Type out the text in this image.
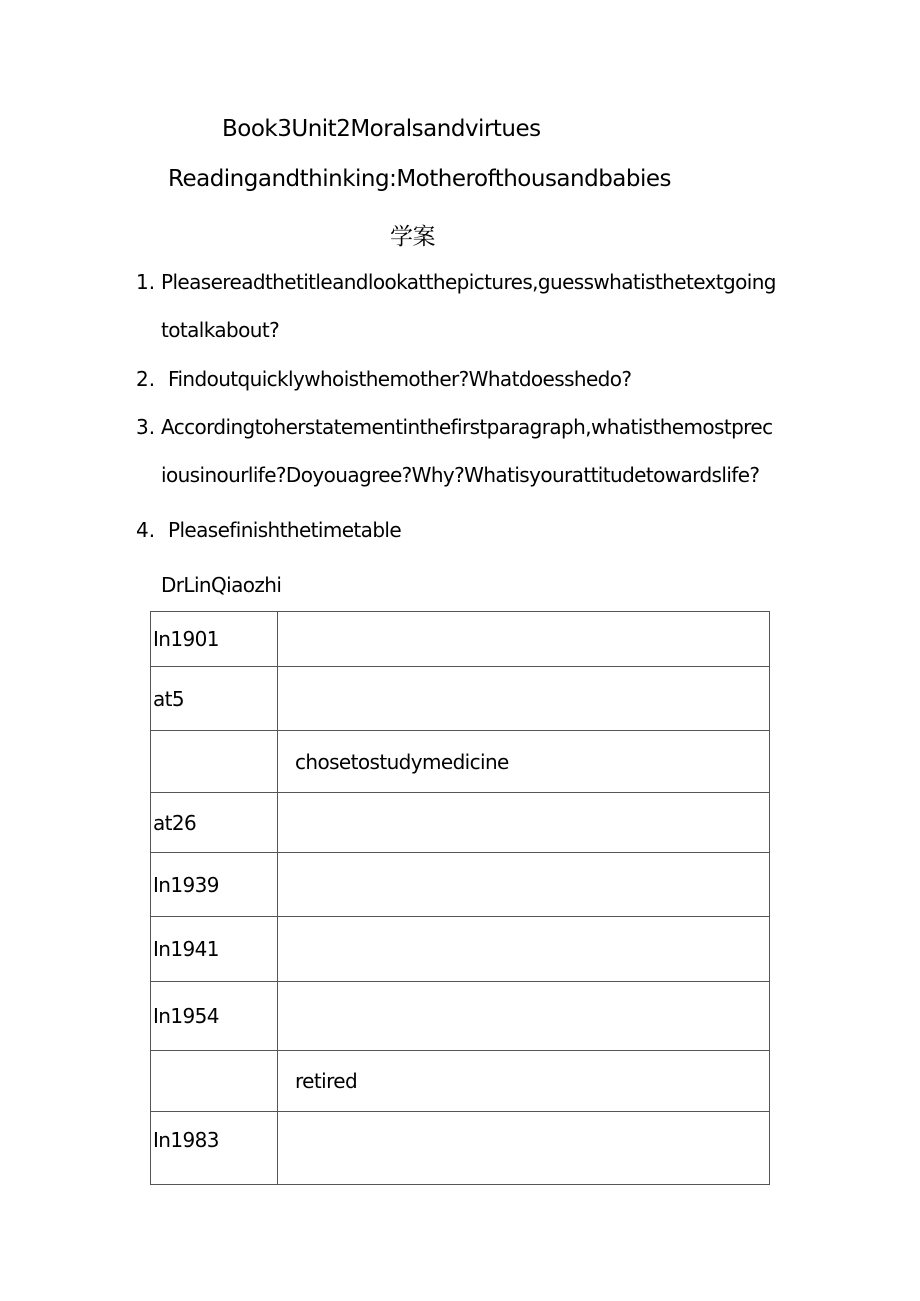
Book3Unit2Moralsandvirtues
Readingandthinking:Motherofthousandbabies
学案
1. Pleasereadthetitleandlookatthepictures,guesswhatisthetextgoing
totalkabout?
2. Findoutquicklywhoisthemother?Whatdoesshedo?
3. Accordingtoherstatementinthefirstparagraph,whatisthemostprec
iousinourlife?Doyouagree?Why?Whatisyourattitudetowardslife?
4. Pleasefinishthetimetable
DrLinQiaozhi
In1901	
at5	
	chosetostudymedicine
at26	
In1939	
In1941	
In1954	
	retired
In1983	
